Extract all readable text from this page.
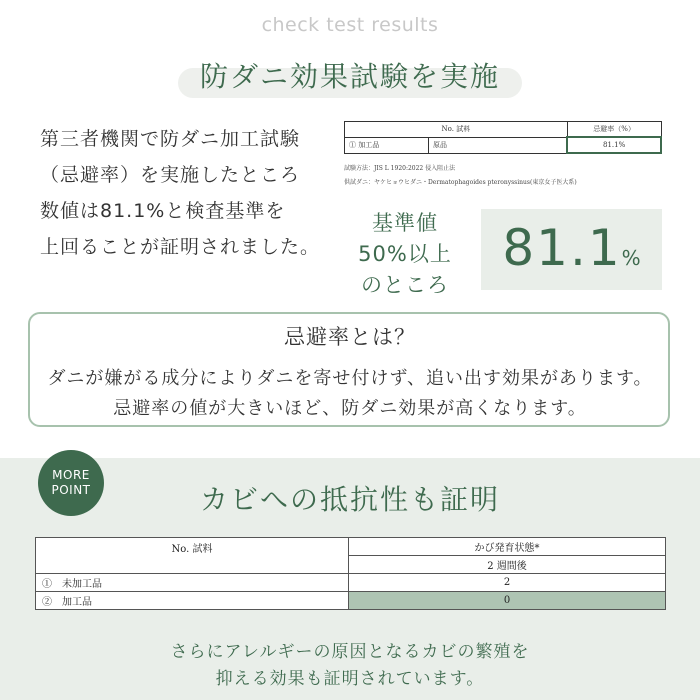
check test results
防ダニ効果試験を実施
第三者機関で防ダニ加工試験
（忌避率）を実施したところ
数値は81.1%と検査基準を
上回ることが証明されました。
No. 試料		忌避率（%）
① 加工品	原品	81.1%
試験方法：JIS L 1920:2022 侵入阻止法
供試ダニ：ヤケヒョウヒダニ・Dermatophagoides pteronyssinus(東京女子医大系)
基準値
50%以上
のところ
81.1%
忌避率とは？
ダニが嫌がる成分によりダニを寄せ付けず、追い出す効果があります。
忌避率の値が大きいほど、防ダニ効果が高くなります。
MORE
POINT	カビへの抵抗性も証明
No. 試料	かび発育状態*
	2 週間後
①　未加工品	2
②　加工品	0
さらにアレルギーの原因となるカビの繁殖を
抑える効果も証明されています。
